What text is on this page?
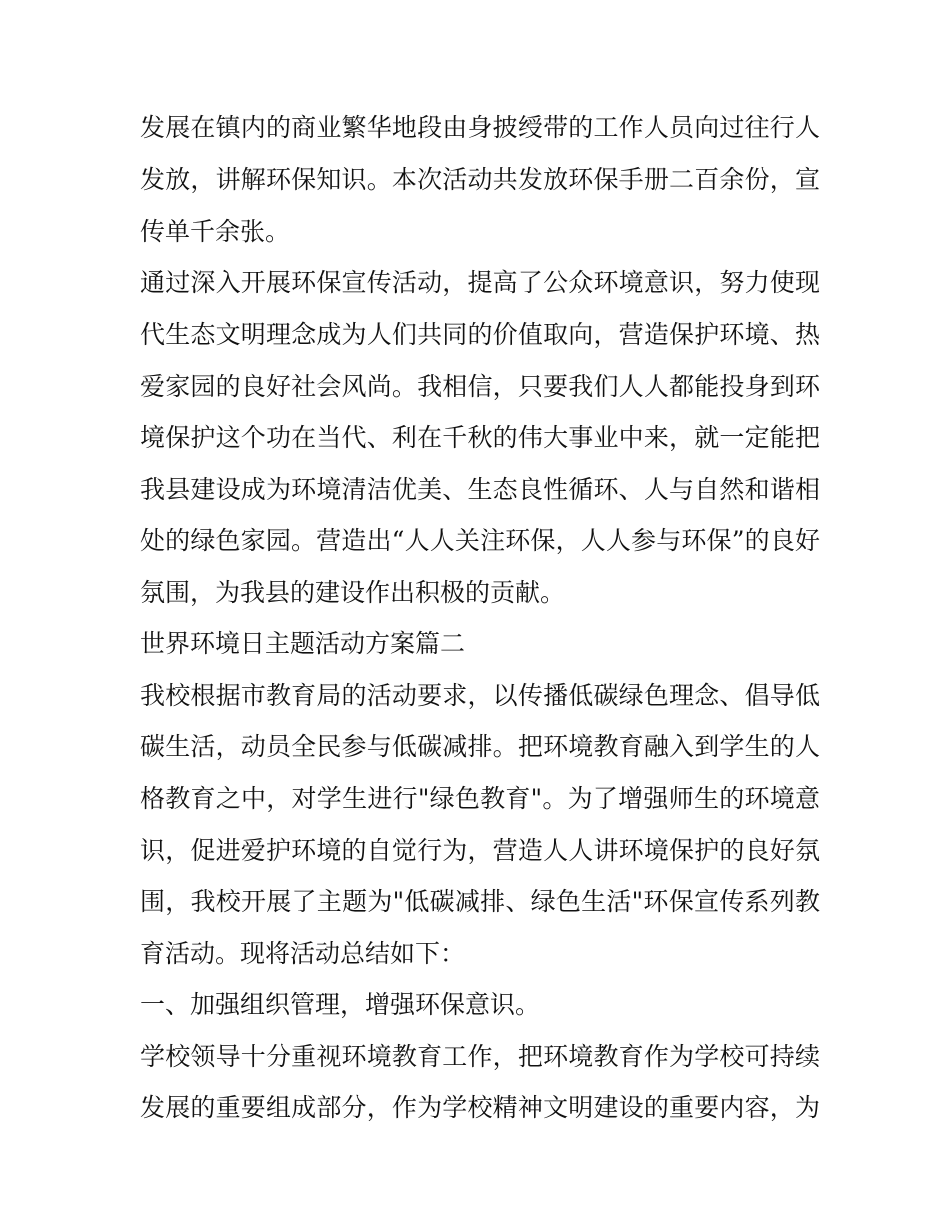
发展在镇内的商业繁华地段由身披绶带的工作人员向过往行人
发放，讲解环保知识。本次活动共发放环保手册二百余份，宣
传单千余张。
通过深入开展环保宣传活动，提高了公众环境意识，努力使现
代生态文明理念成为人们共同的价值取向，营造保护环境、热
爱家园的良好社会风尚。我相信，只要我们人人都能投身到环
境保护这个功在当代、利在千秋的伟大事业中来，就一定能把
我县建设成为环境清洁优美、生态良性循环、人与自然和谐相
处的绿色家园。营造出“人人关注环保，人人参与环保”的良好
氛围，为我县的建设作出积极的贡献。
世界环境日主题活动方案篇二
我校根据市教育局的活动要求，以传播低碳绿色理念、倡导低
碳生活，动员全民参与低碳减排。把环境教育融入到学生的人
格教育之中，对学生进行"绿色教育"。为了增强师生的环境意
识，促进爱护环境的自觉行为，营造人人讲环境保护的良好氛
围，我校开展了主题为"低碳减排、绿色生活"环保宣传系列教
育活动。现将活动总结如下：
一、加强组织管理，增强环保意识。
学校领导十分重视环境教育工作，把环境教育作为学校可持续
发展的重要组成部分，作为学校精神文明建设的重要内容，为
